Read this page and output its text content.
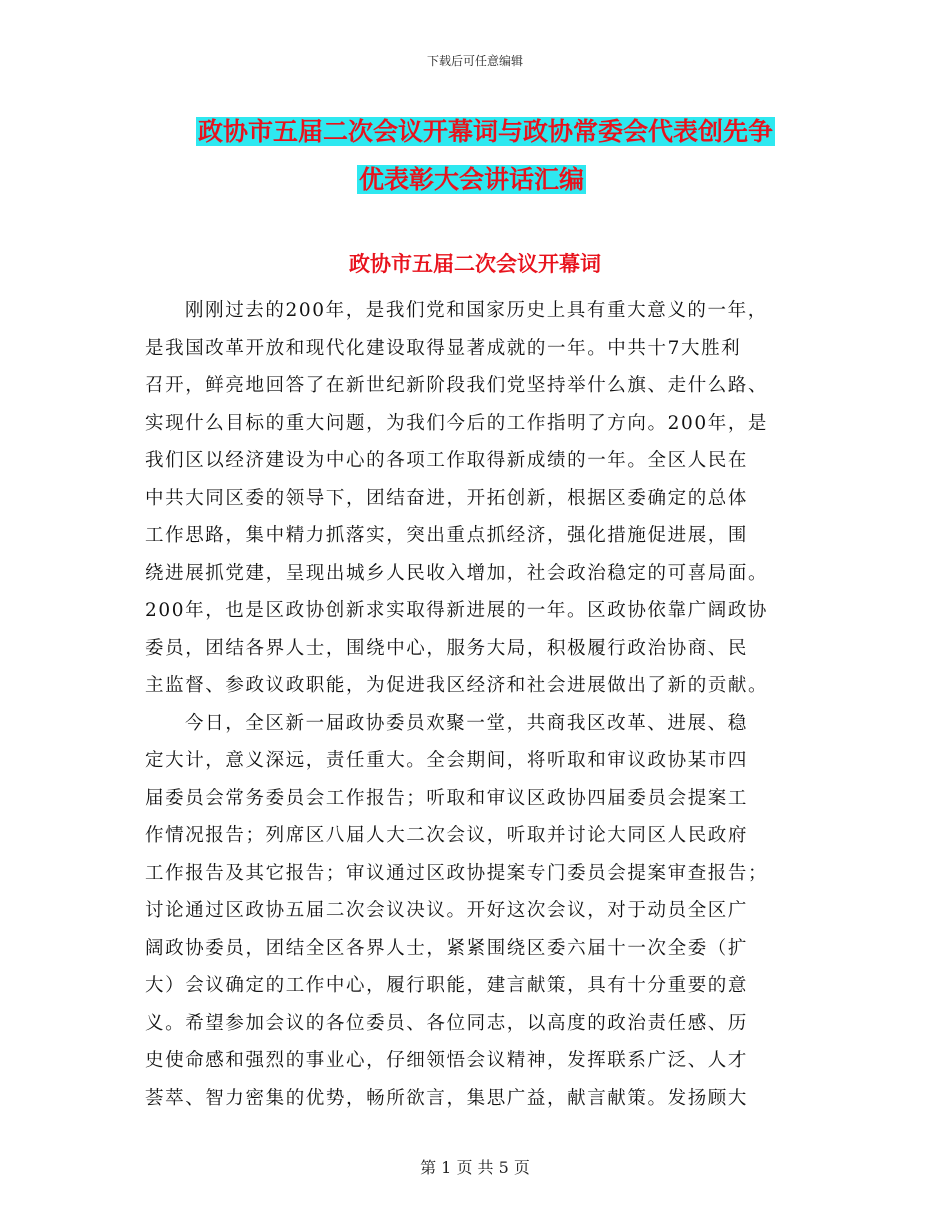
下载后可任意编辑
政协市五届二次会议开幕词与政协常委会代表创先争
优表彰大会讲话汇编
政协市五届二次会议开幕词
刚刚过去的200年，是我们党和国家历史上具有重大意义的一年，
是我国改革开放和现代化建设取得显著成就的一年。中共十7大胜利
召开，鲜亮地回答了在新世纪新阶段我们党坚持举什么旗、走什么路、
实现什么目标的重大问题，为我们今后的工作指明了方向。200年，是
我们区以经济建设为中心的各项工作取得新成绩的一年。全区人民在
中共大同区委的领导下，团结奋进，开拓创新，根据区委确定的总体
工作思路，集中精力抓落实，突出重点抓经济，强化措施促进展，围
绕进展抓党建，呈现出城乡人民收入增加，社会政治稳定的可喜局面。
200年，也是区政协创新求实取得新进展的一年。区政协依靠广阔政协
委员，团结各界人士，围绕中心，服务大局，积极履行政治协商、民
主监督、参政议政职能，为促进我区经济和社会进展做出了新的贡献。
今日，全区新一届政协委员欢聚一堂，共商我区改革、进展、稳
定大计，意义深远，责任重大。全会期间，将听取和审议政协某市四
届委员会常务委员会工作报告；听取和审议区政协四届委员会提案工
作情况报告；列席区八届人大二次会议，听取并讨论大同区人民政府
工作报告及其它报告；审议通过区政协提案专门委员会提案审查报告；
讨论通过区政协五届二次会议决议。开好这次会议，对于动员全区广
阔政协委员，团结全区各界人士，紧紧围绕区委六届十一次全委（扩
大）会议确定的工作中心，履行职能，建言献策，具有十分重要的意
义。希望参加会议的各位委员、各位同志，以高度的政治责任感、历
史使命感和强烈的事业心，仔细领悟会议精神，发挥联系广泛、人才
荟萃、智力密集的优势，畅所欲言，集思广益，献言献策。发扬顾大
第 1 页 共 5 页
